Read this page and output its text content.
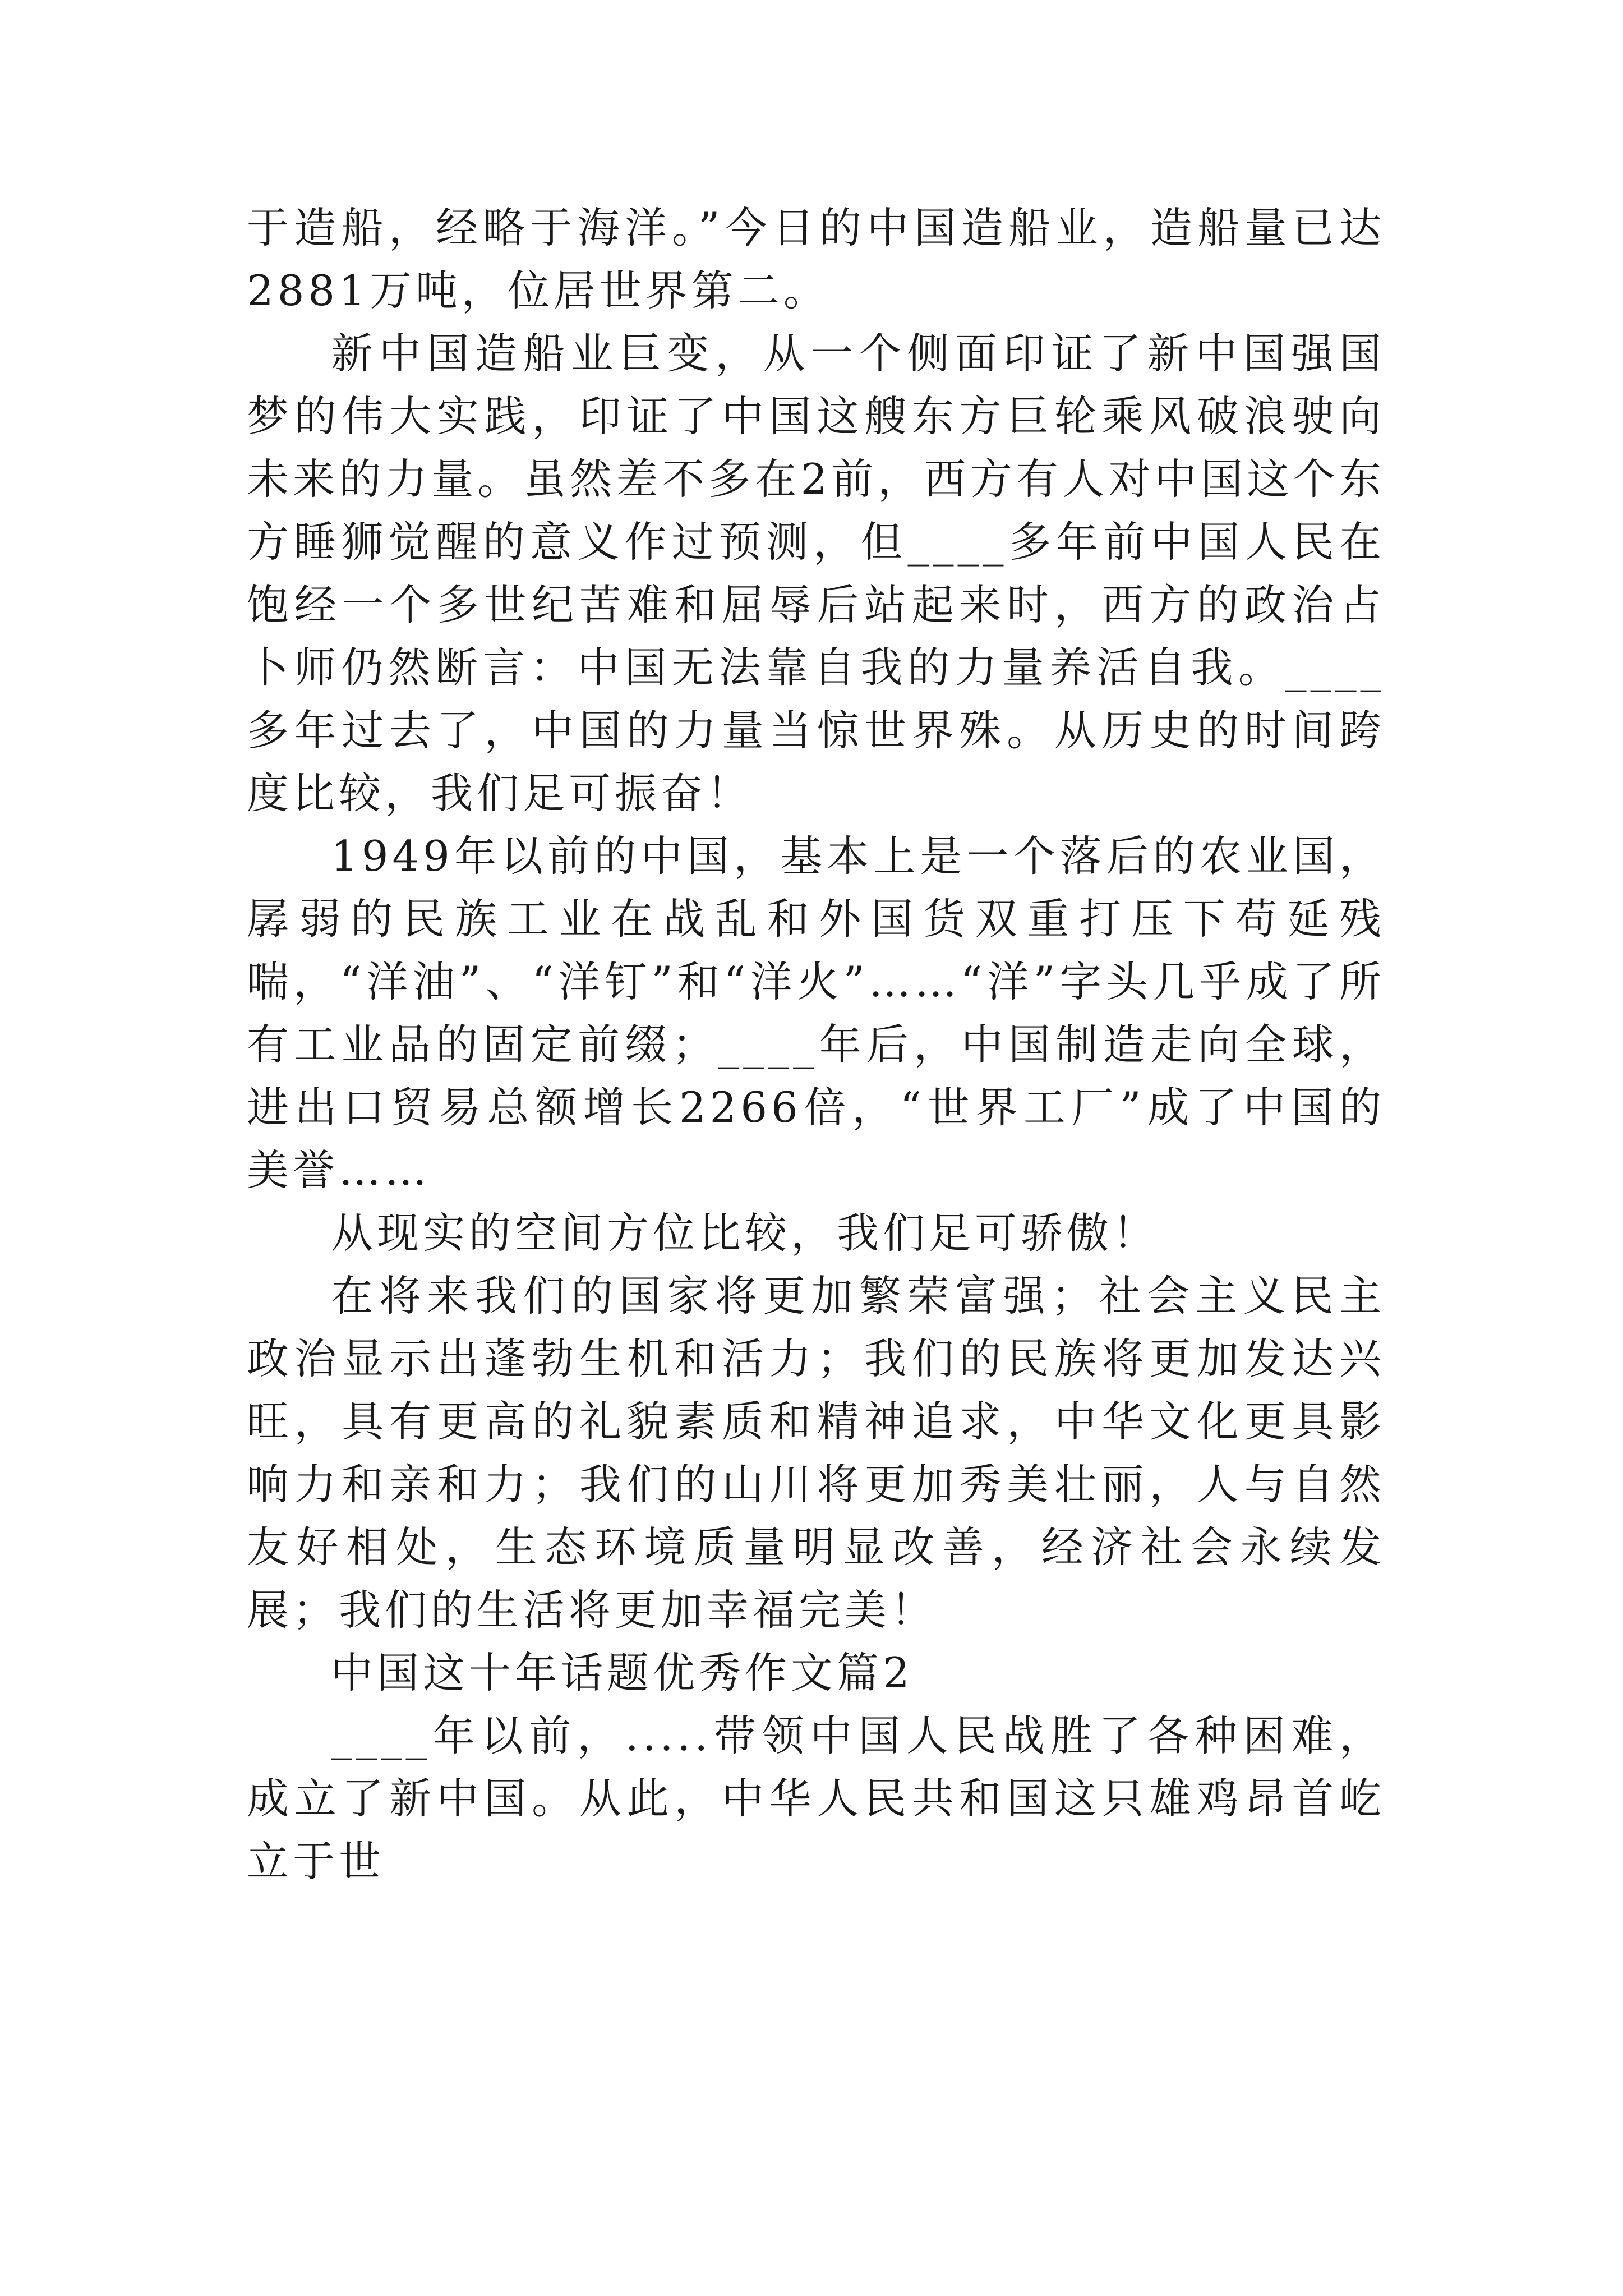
于造船，经略于海洋。”今日的中国造船业，造船量已达2881万吨，位居世界第二。

新中国造船业巨变，从一个侧面印证了新中国强国梦的伟大实践，印证了中国这艘东方巨轮乘风破浪驶向未来的力量。虽然差不多在2前，西方有人对中国这个东方睡狮觉醒的意义作过预测，但____多年前中国人民在饱经一个多世纪苦难和屈辱后站起来时，西方的政治占卜师仍然断言：中国无法靠自我的力量养活自我。____多年过去了，中国的力量当惊世界殊。从历史的时间跨度比较，我们足可振奋！

1949年以前的中国，基本上是一个落后的农业国，孱弱的民族工业在战乱和外国货双重打压下苟延残喘，“洋油”、“洋钉”和“洋火”……“洋”字头几乎成了所有工业品的固定前缀；____年后，中国制造走向全球，进出口贸易总额增长2266倍，“世界工厂”成了中国的美誉……

从现实的空间方位比较，我们足可骄傲！

在将来我们的国家将更加繁荣富强；社会主义民主政治显示出蓬勃生机和活力；我们的民族将更加发达兴旺，具有更高的礼貌素质和精神追求，中华文化更具影响力和亲和力；我们的山川将更加秀美壮丽，人与自然友好相处，生态环境质量明显改善，经济社会永续发展；我们的生活将更加幸福完美！

中国这十年话题优秀作文篇2

____年以前，.....带领中国人民战胜了各种困难，成立了新中国。从此，中华人民共和国这只雄鸡昂首屹立于世
